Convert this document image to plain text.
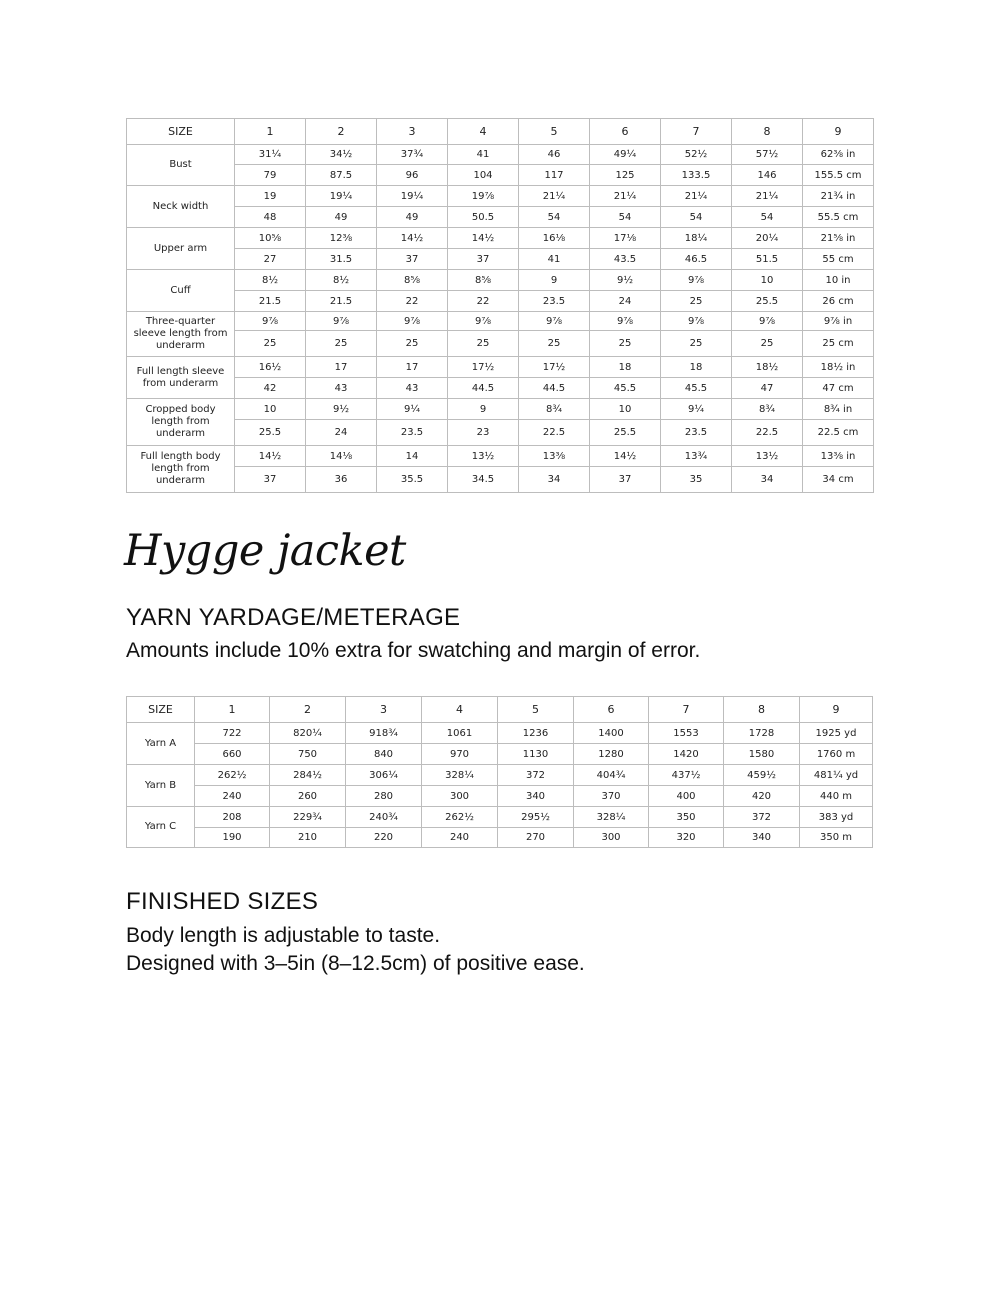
SIZE	1	2	3	4	5	6	7	8	9
Bust	31¼	34½	37¾	41	46	49¼	52½	57½	62⅜ in
	79	87.5	96	104	117	125	133.5	146	155.5 cm
Neck width	19	19¼	19¼	19⅞	21¼	21¼	21¼	21¼	21¾ in
	48	49	49	50.5	54	54	54	54	55.5 cm
Upper arm	10⅝	12⅜	14½	14½	16⅛	17⅛	18¼	20¼	21⅝ in
	27	31.5	37	37	41	43.5	46.5	51.5	55 cm
Cuff	8½	8½	8⅝	8⅝	9	9½	9⅞	10	10 in
	21.5	21.5	22	22	23.5	24	25	25.5	26 cm
Three-quarter sleeve length from underarm	9⅞	9⅞	9⅞	9⅞	9⅞	9⅞	9⅞	9⅞	9⅞ in
	25	25	25	25	25	25	25	25	25 cm
Full length sleeve from underarm	16½	17	17	17½	17½	18	18	18½	18½ in
	42	43	43	44.5	44.5	45.5	45.5	47	47 cm
Cropped body length from underarm	10	9½	9¼	9	8¾	10	9¼	8¾	8¾ in
	25.5	24	23.5	23	22.5	25.5	23.5	22.5	22.5 cm
Full length body length from underarm	14½	14⅛	14	13½	13⅜	14½	13¾	13½	13⅜ in
	37	36	35.5	34.5	34	37	35	34	34 cm
Hygge jacket
YARN YARDAGE/METERAGE

Amounts include 10% extra for swatching and margin of error.

SIZE	1	2	3	4	5	6	7	8	9
Yarn A	722	820¼	918¾	1061	1236	1400	1553	1728	1925 yd
	660	750	840	970	1130	1280	1420	1580	1760 m
Yarn B	262½	284½	306¼	328¼	372	404¾	437½	459½	481¼ yd
	240	260	280	300	340	370	400	420	440 m
Yarn C	208	229¾	240¾	262½	295½	328¼	350	372	383 yd
	190	210	220	240	270	300	320	340	350 m
FINISHED SIZES

Body length is adjustable to taste.

Designed with 3–5in (8–12.5cm) of positive ease.
